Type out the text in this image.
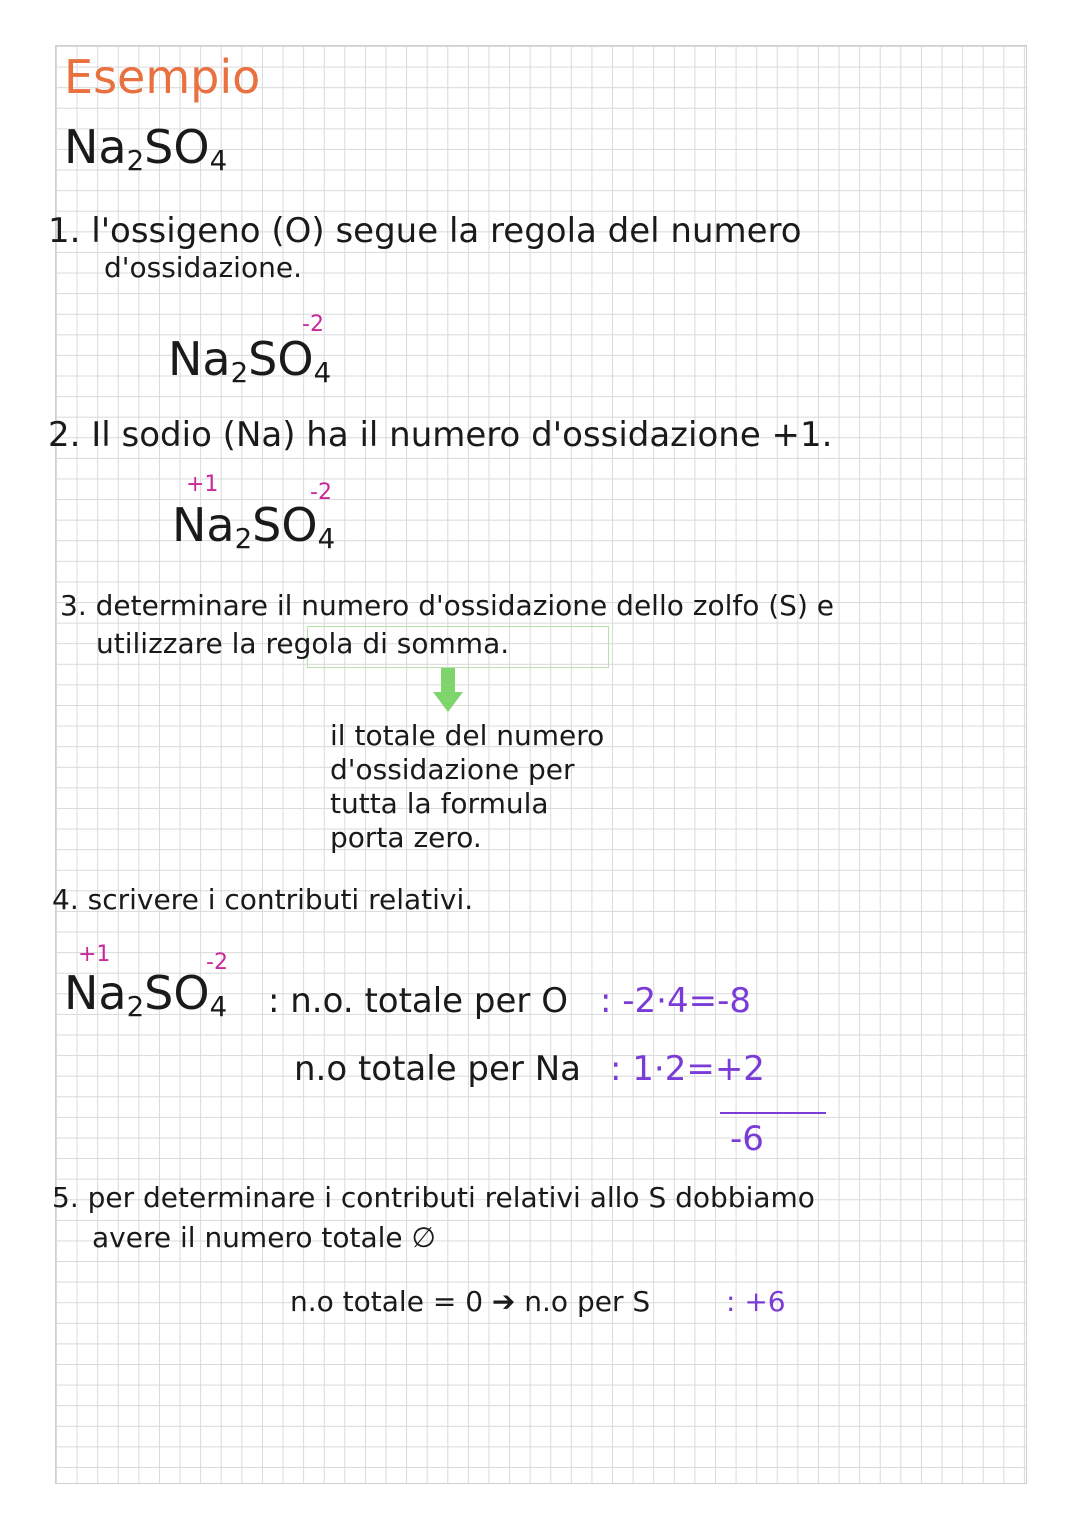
Esempio
$Na_2SO_4$
1. l'ossigeno (O) segue la regola del numero
d'ossidazione.
-2
$Na_2SO_4$
2. Il sodio (Na) ha il numero d'ossidazione +1.
+1	-2
$Na_2SO_4$
3. determinare il numero d'ossidazione dello zolfo (S) e
utilizzare la regola di somma.
il totale del numero
d'ossidazione per
tutta la formula
porta zero.
4. scrivere i contributi relativi.
+1	-2
$Na_2SO_4$ : n.o. totale per O : -2·4=-8
n.o totale per Na : 1·2=+2
-6
5. per determinare i contributi relativi allo S dobbiamo
avere il numero totale ∅
n.o totale = 0 ➔ n.o per S	: +6
